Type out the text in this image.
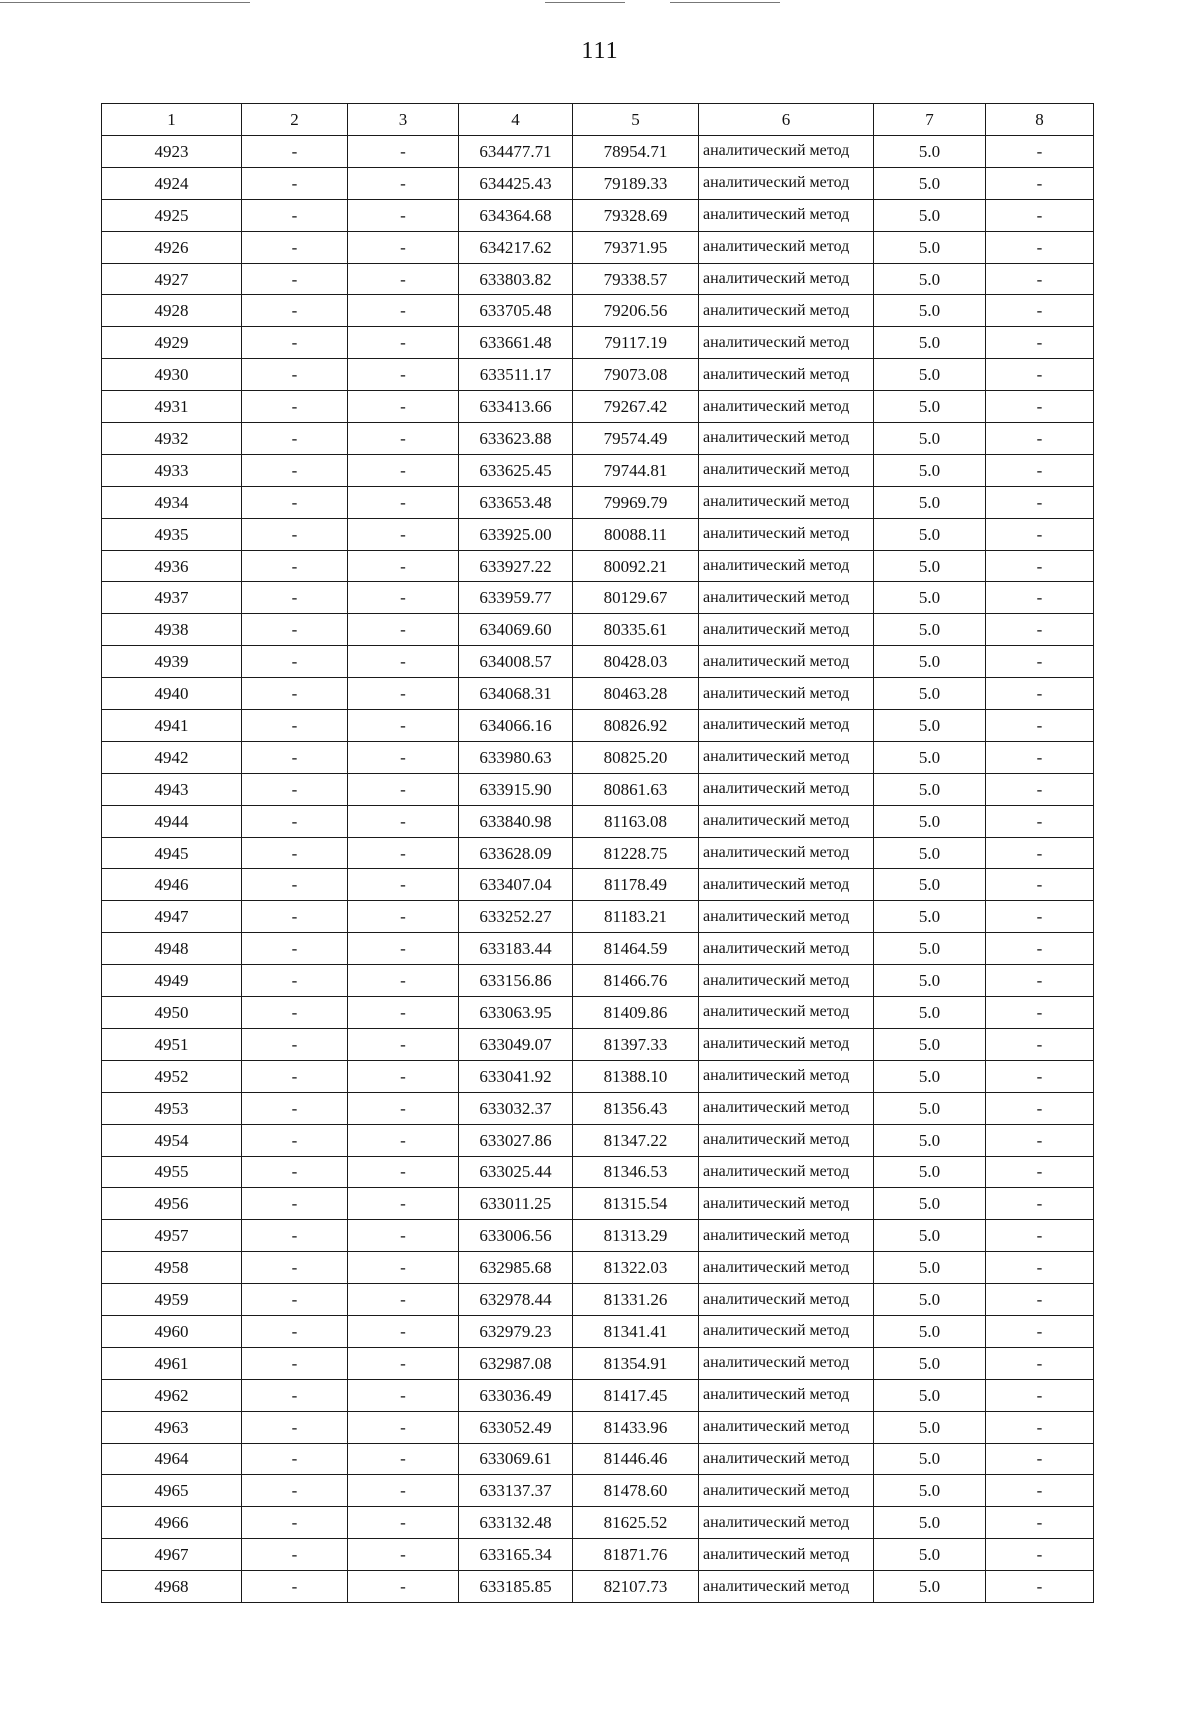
111
1	2	3	4	5	6	7	8
4923	-	-	634477.71	78954.71	аналитический метод	5.0	-
4924	-	-	634425.43	79189.33	аналитический метод	5.0	-
4925	-	-	634364.68	79328.69	аналитический метод	5.0	-
4926	-	-	634217.62	79371.95	аналитический метод	5.0	-
4927	-	-	633803.82	79338.57	аналитический метод	5.0	-
4928	-	-	633705.48	79206.56	аналитический метод	5.0	-
4929	-	-	633661.48	79117.19	аналитический метод	5.0	-
4930	-	-	633511.17	79073.08	аналитический метод	5.0	-
4931	-	-	633413.66	79267.42	аналитический метод	5.0	-
4932	-	-	633623.88	79574.49	аналитический метод	5.0	-
4933	-	-	633625.45	79744.81	аналитический метод	5.0	-
4934	-	-	633653.48	79969.79	аналитический метод	5.0	-
4935	-	-	633925.00	80088.11	аналитический метод	5.0	-
4936	-	-	633927.22	80092.21	аналитический метод	5.0	-
4937	-	-	633959.77	80129.67	аналитический метод	5.0	-
4938	-	-	634069.60	80335.61	аналитический метод	5.0	-
4939	-	-	634008.57	80428.03	аналитический метод	5.0	-
4940	-	-	634068.31	80463.28	аналитический метод	5.0	-
4941	-	-	634066.16	80826.92	аналитический метод	5.0	-
4942	-	-	633980.63	80825.20	аналитический метод	5.0	-
4943	-	-	633915.90	80861.63	аналитический метод	5.0	-
4944	-	-	633840.98	81163.08	аналитический метод	5.0	-
4945	-	-	633628.09	81228.75	аналитический метод	5.0	-
4946	-	-	633407.04	81178.49	аналитический метод	5.0	-
4947	-	-	633252.27	81183.21	аналитический метод	5.0	-
4948	-	-	633183.44	81464.59	аналитический метод	5.0	-
4949	-	-	633156.86	81466.76	аналитический метод	5.0	-
4950	-	-	633063.95	81409.86	аналитический метод	5.0	-
4951	-	-	633049.07	81397.33	аналитический метод	5.0	-
4952	-	-	633041.92	81388.10	аналитический метод	5.0	-
4953	-	-	633032.37	81356.43	аналитический метод	5.0	-
4954	-	-	633027.86	81347.22	аналитический метод	5.0	-
4955	-	-	633025.44	81346.53	аналитический метод	5.0	-
4956	-	-	633011.25	81315.54	аналитический метод	5.0	-
4957	-	-	633006.56	81313.29	аналитический метод	5.0	-
4958	-	-	632985.68	81322.03	аналитический метод	5.0	-
4959	-	-	632978.44	81331.26	аналитический метод	5.0	-
4960	-	-	632979.23	81341.41	аналитический метод	5.0	-
4961	-	-	632987.08	81354.91	аналитический метод	5.0	-
4962	-	-	633036.49	81417.45	аналитический метод	5.0	-
4963	-	-	633052.49	81433.96	аналитический метод	5.0	-
4964	-	-	633069.61	81446.46	аналитический метод	5.0	-
4965	-	-	633137.37	81478.60	аналитический метод	5.0	-
4966	-	-	633132.48	81625.52	аналитический метод	5.0	-
4967	-	-	633165.34	81871.76	аналитический метод	5.0	-
4968	-	-	633185.85	82107.73	аналитический метод	5.0	-
